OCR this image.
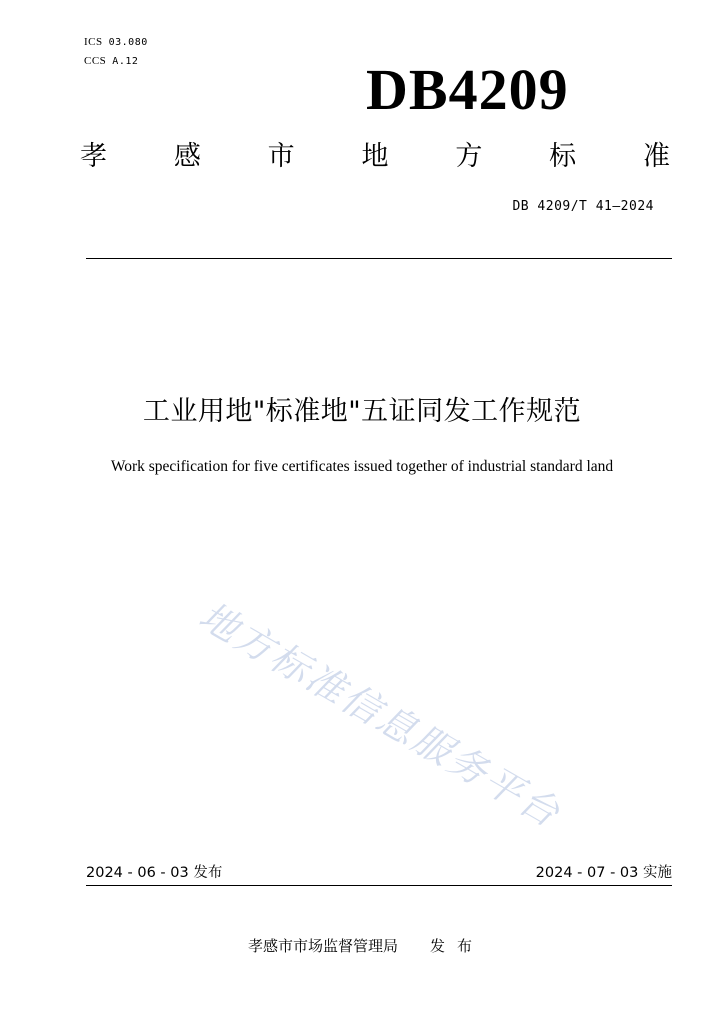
ICS 03.080
CCS A.12	DB4209
孝 感 市 地 方 标 准
DB 4209/T 41—2024
工业用地"标准地"五证同发工作规范
Work specification for five certificates issued together of industrial standard land
地方标准信息服务平台
2024 - 06 - 03 发布	2024 - 07 - 03 实施
孝感市市场监督管理局 发布
